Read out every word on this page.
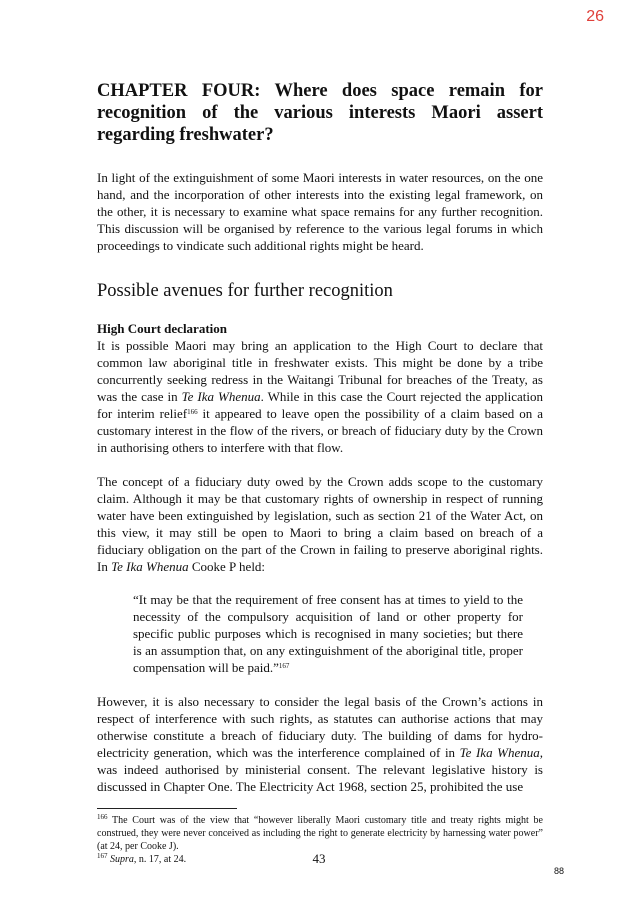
26
CHAPTER FOUR: Where does space remain for recognition of the various interests Maori assert regarding freshwater?

In light of the extinguishment of some Maori interests in water resources, on the one hand, and the incorporation of other interests into the existing legal framework, on the other, it is necessary to examine what space remains for any further recognition. This discussion will be organised by reference to the various legal forums in which proceedings to vindicate such additional rights might be heard.

Possible avenues for further recognition
High Court declaration

It is possible Maori may bring an application to the High Court to declare that common law aboriginal title in freshwater exists. This might be done by a tribe concurrently seeking redress in the Waitangi Tribunal for breaches of the Treaty, as was the case in Te Ika Whenua. While in this case the Court rejected the application for interim relief$^{166}$ it appeared to leave open the possibility of a claim based on a customary interest in the flow of the rivers, or breach of fiduciary duty by the Crown in authorising others to interfere with that flow.

The concept of a fiduciary duty owed by the Crown adds scope to the customary claim. Although it may be that customary rights of ownership in respect of running water have been extinguished by legislation, such as section 21 of the Water Act, on this view, it may still be open to Maori to bring a claim based on breach of a fiduciary obligation on the part of the Crown in failing to preserve aboriginal rights. In Te Ika Whenua Cooke P held:

“It may be that the requirement of free consent has at times to yield to the necessity of the compulsory acquisition of land or other property for specific public purposes which is recognised in many societies; but there is an assumption that, on any extinguishment of the aboriginal title, proper compensation will be paid.”$^{167}$

However, it is also necessary to consider the legal basis of the Crown’s actions in respect of interference with such rights, as statutes can authorise actions that may otherwise constitute a breach of fiduciary duty. The building of dams for hydro-electricity generation, which was the interference complained of in Te Ika Whenua, was indeed authorised by ministerial consent. The relevant legislative history is discussed in Chapter One. The Electricity Act 1968, section 25, prohibited the use

$^{166}$ The Court was of the view that “however liberally Maori customary title and treaty rights might be construed, they were never conceived as including the right to generate electricity by harnessing water power” (at 24, per Cooke J).

$^{167}$ Supra, n. 17, at 24.	43
88
